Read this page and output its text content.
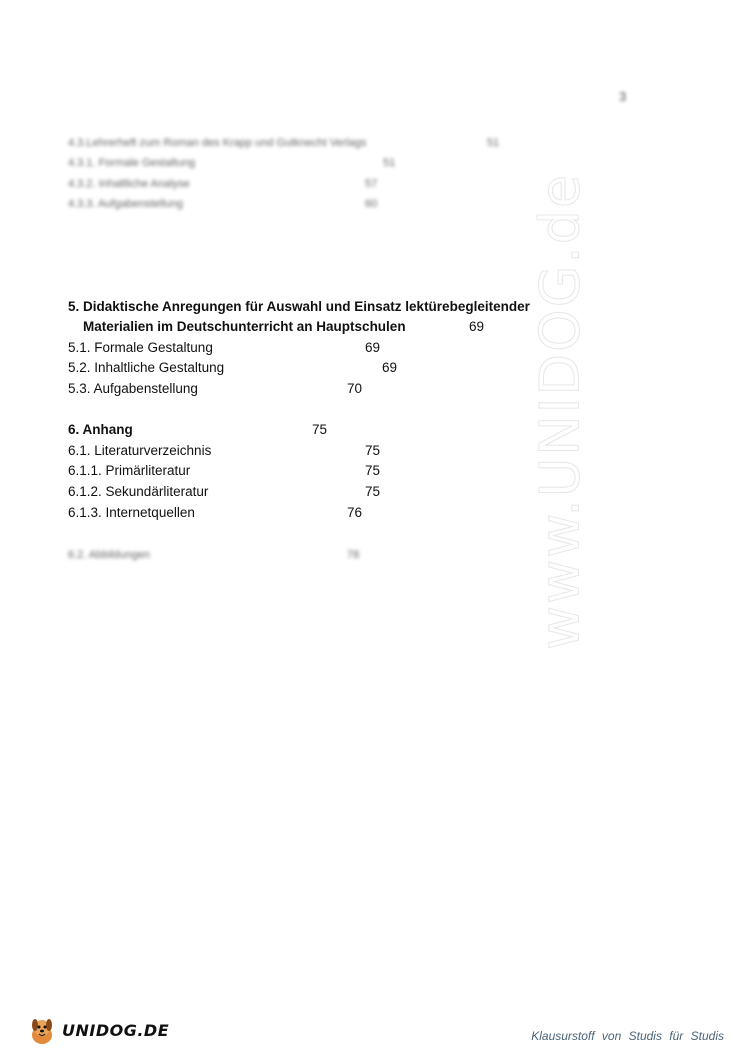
3
4.3.Lehrerheft zum Roman des Krapp und Gutknecht Verlags	51
4.3.1. Formale Gestaltung	51
4.3.2. Inhaltliche Analyse	57
4.3.3. Aufgabenstellung	60
5. Didaktische Anregungen für Auswahl und Einsatz lektürebegleitender
Materialien im Deutschunterricht an Hauptschulen	69
5.1. Formale Gestaltung	69
5.2. Inhaltliche Gestaltung	69
5.3. Aufgabenstellung	70
6. Anhang	75
6.1. Literaturverzeichnis	75
6.1.1. Primärliteratur	75
6.1.2. Sekundärliteratur	75
6.1.3. Internetquellen	76
6.2. Abbildungen	78	www.UNIDOG.de
UNIDOG.DE	Klausurstoff von Studis für Studis
